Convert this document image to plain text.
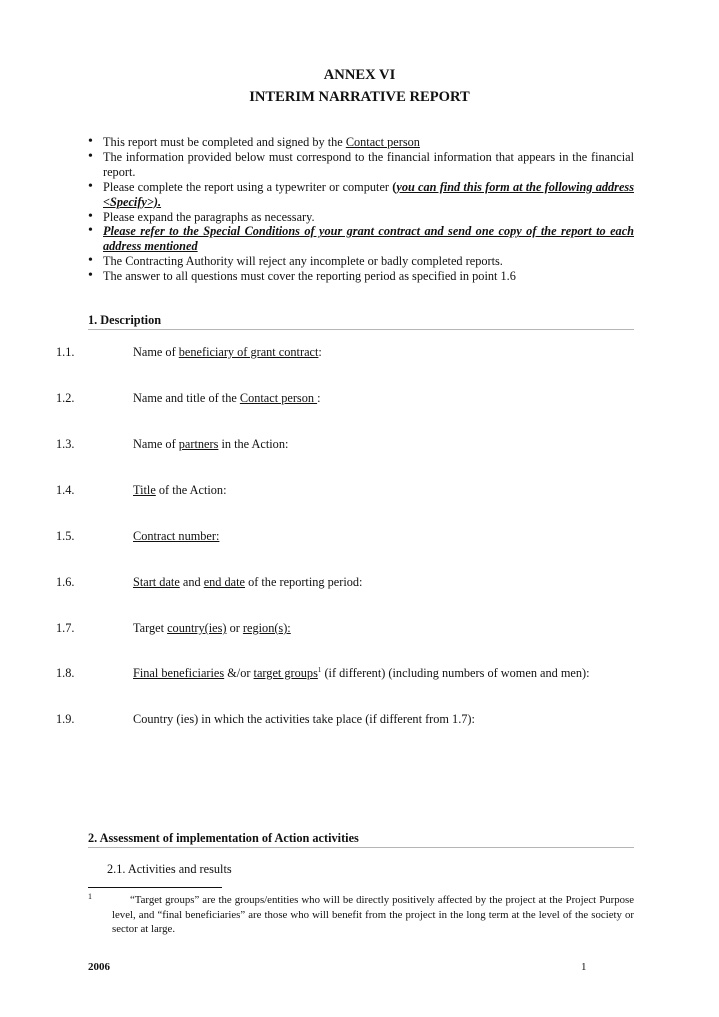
ANNEX VI
INTERIM NARRATIVE REPORT
• This report must be completed and signed by the Contact person
• The information provided below must correspond to the financial information that appears in the financial report.
• Please complete the report using a typewriter or computer (you can find this form at the following address <Specify>).
• Please expand the paragraphs as necessary.
• Please refer to the Special Conditions of your grant contract and send one copy of the report to each address mentioned
• The Contracting Authority will reject any incomplete or badly completed reports.
• The answer to all questions must cover the reporting period as specified in point 1.6
1. Description
1.1.	Name of beneficiary of grant contract:
1.2.	Name and title of the Contact person :
1.3.	Name of partners in the Action:
1.4.	Title of the Action:
1.5.	Contract number:
1.6.	Start date and end date of the reporting period:
1.7.	Target country(ies) or region(s):
1.8.	Final beneficiaries &/or target groups$^1$ (if different) (including numbers of women and men):
1.9.	Country (ies) in which the activities take place (if different from 1.7):
2. Assessment of implementation of Action activities
2.1. Activities and results
1	“Target groups” are the groups/entities who will be directly positively affected by the project at the Project Purpose level, and “final beneficiaries” are those who will benefit from the project in the long term at the level of the society or sector at large.
2006	1
